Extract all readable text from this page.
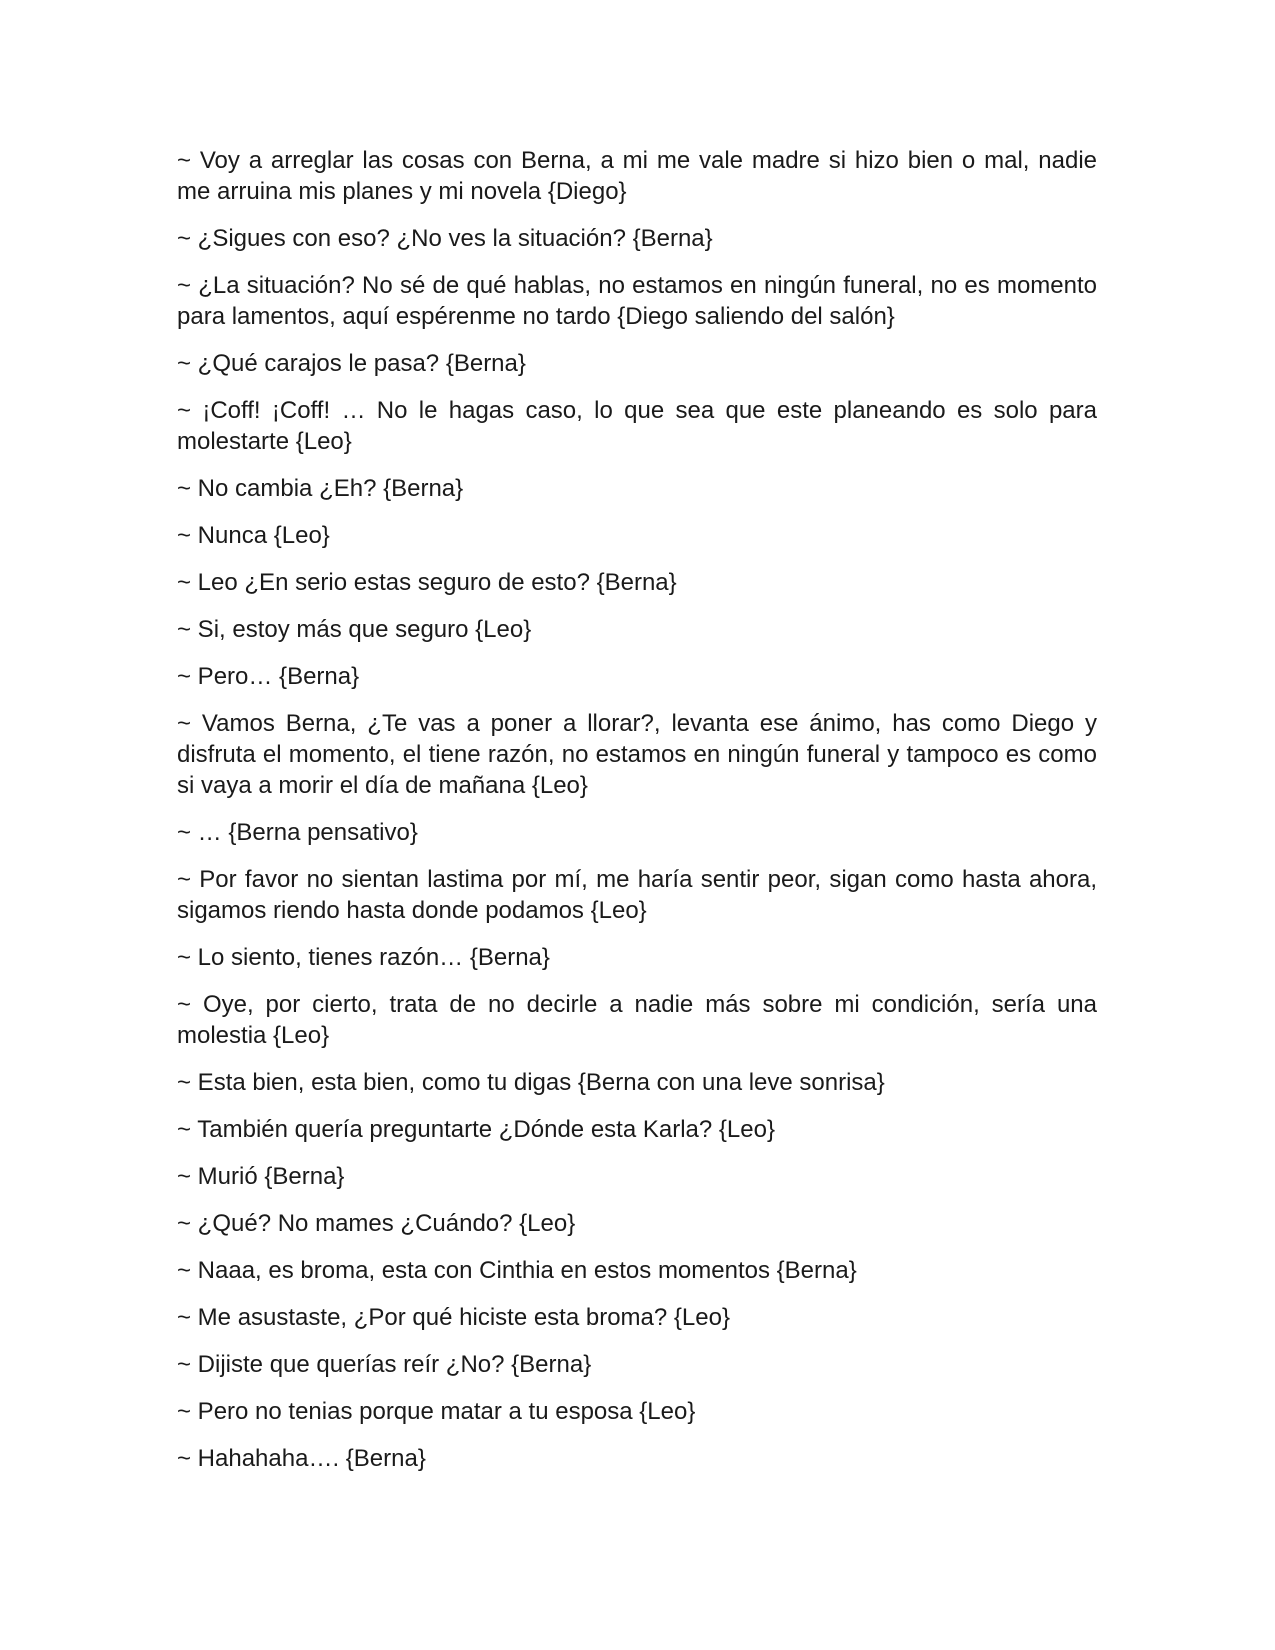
~ Voy a arreglar las cosas con Berna, a mi me vale madre si hizo bien o mal, nadie me arruina mis planes y mi novela {Diego}

~ ¿Sigues con eso? ¿No ves la situación? {Berna}

~ ¿La situación? No sé de qué hablas, no estamos en ningún funeral, no es momento para lamentos, aquí espérenme no tardo {Diego saliendo del salón}

~ ¿Qué carajos le pasa? {Berna}

~ ¡Coff! ¡Coff! … No le hagas caso, lo que sea que este planeando es solo para molestarte {Leo}

~ No cambia ¿Eh? {Berna}

~ Nunca {Leo}

~ Leo ¿En serio estas seguro de esto? {Berna}

~ Si, estoy más que seguro {Leo}

~ Pero… {Berna}

~ Vamos Berna, ¿Te vas a poner a llorar?, levanta ese ánimo, has como Diego y disfruta el momento, el tiene razón, no estamos en ningún funeral y tampoco es como si vaya a morir el día de mañana {Leo}

~ … {Berna pensativo}

~ Por favor no sientan lastima por mí, me haría sentir peor, sigan como hasta ahora, sigamos riendo hasta donde podamos {Leo}

~ Lo siento, tienes razón… {Berna}

~ Oye, por cierto, trata de no decirle a nadie más sobre mi condición, sería una molestia {Leo}

~ Esta bien, esta bien, como tu digas {Berna con una leve sonrisa}

~ También quería preguntarte ¿Dónde esta Karla? {Leo}

~ Murió {Berna}

~ ¿Qué? No mames ¿Cuándo? {Leo}

~ Naaa, es broma, esta con Cinthia en estos momentos {Berna}

~ Me asustaste, ¿Por qué hiciste esta broma? {Leo}

~ Dijiste que querías reír ¿No? {Berna}

~ Pero no tenias porque matar a tu esposa {Leo}

~ Hahahaha…. {Berna}
